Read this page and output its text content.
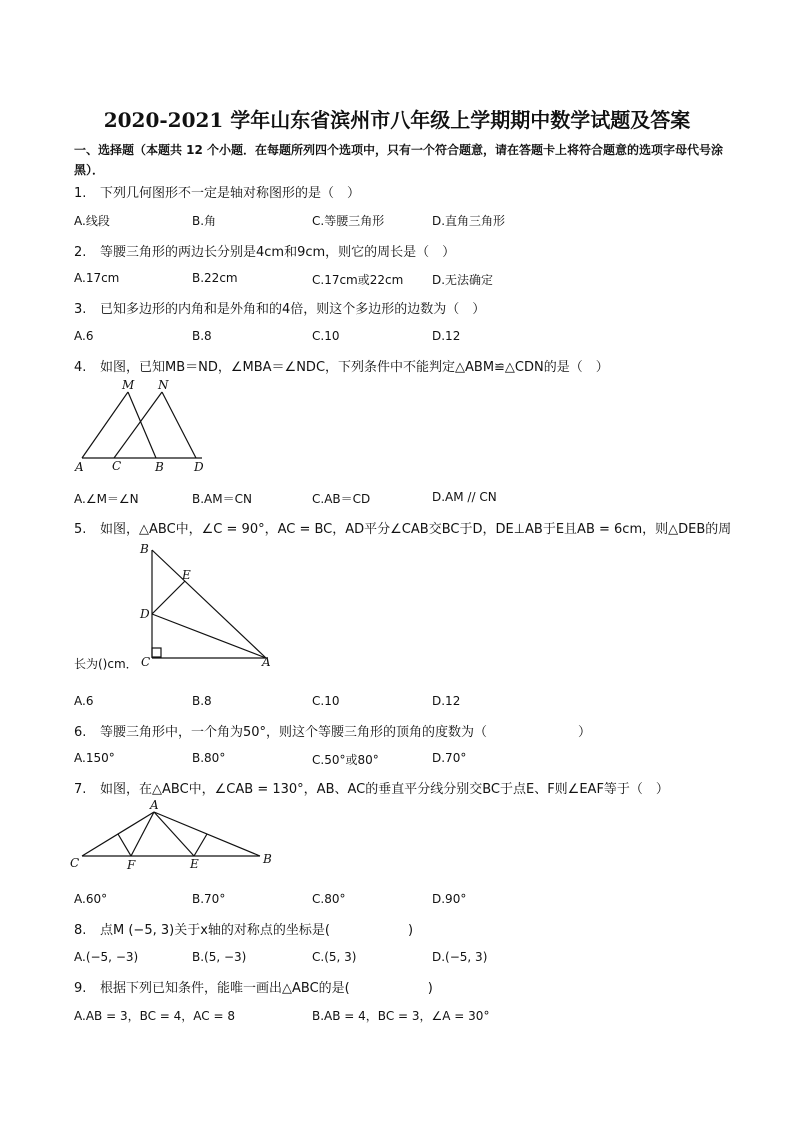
2020-2021 学年山东省滨州市八年级上学期期中数学试题及答案
一、选择题（本题共 12 个小题．在每题所列四个选项中，只有一个符合题意，请在答题卡上将符合题意的选项字母代号涂黑）．
1. 下列几何图形不一定是轴对称图形的是（　）
A.线段	B.角	C.等腰三角形	D.直角三角形
2. 等腰三角形的两边长分别是4cm和9cm，则它的周长是（　）
A.17cm	B.22cm	C.17cm或22cm D.无法确定
3. 已知多边形的内角和是外角和的4倍，则这个多边形的边数为（　）
A.6	B.8	C.10	D.12
4. 如图，已知MB＝ND，∠MBA＝∠NDC，下列条件中不能判定△ABM≌△CDN的是（　）
M N
A C	B	D
A.∠M＝∠N	B.AM＝CN	C.AB＝CD	D.AM // CN
5. 如图，△ABC中，∠C = 90°，AC = BC，AD平分∠CAB交BC于D，DE⊥AB于E且AB = 6cm，则△DEB的周
B
E
D
C	A
长为()cm．
A.6	B.8	C.10	D.12
6. 等腰三角形中，一个角为50°，则这个等腰三角形的顶角的度数为（　　　　　　　）
A.150°	B.80°	C.50°或80°	D.70°
7. 如图，在△ABC中，∠CAB = 130°，AB、AC的垂直平分线分别交BC于点E、F则∠EAF等于（　）
A
C	F	E	B
A.60°	B.70°	C.80°	D.90°
8. 点M (−5, 3)关于x轴的对称点的坐标是(　　　　　　)
A.(−5, −3)	B.(5, −3)	C.(5, 3)	D.(−5, 3)
9. 根据下列已知条件，能唯一画出△ABC的是(　　　　　　)
A.AB = 3，BC = 4，AC = 8	B.AB = 4，BC = 3，∠A = 30°
